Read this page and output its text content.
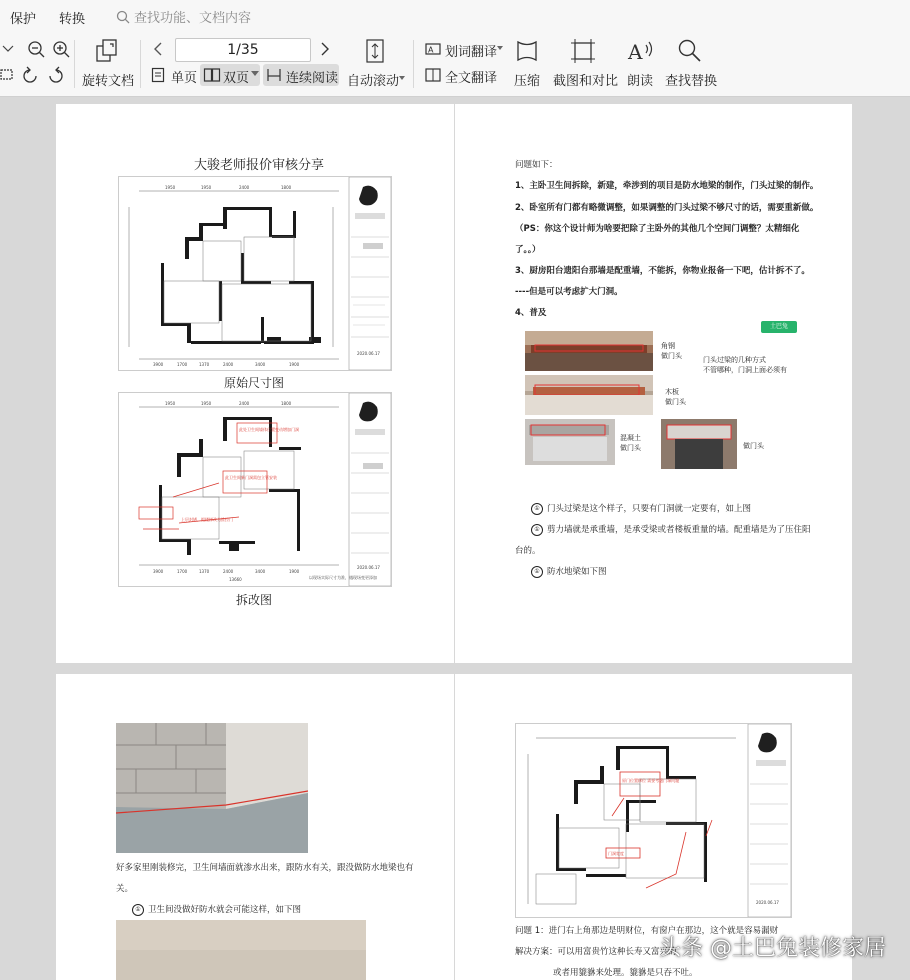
保护 转换	查找功能、文档内容
旋转文档
1/35
单页 双页	连续阅读 自动滚动
A 划词翻译
全文翻译 压缩 截图和对比
A
朗读 查找替换
大骏老师报价审核分享
1950	1950	2400	1800
3900	1700	1370	2400	3400	1900
2020.06.17
原始尺寸图
此处卫生间墙体位置变动增加门洞
此卫生间新门洞需包立管安装
上层封堵，把楼梯改为推拉门
1950	1950	2400	1800
3900	1700	1370	2400	3400	1900
13660	以现场实际尺寸为准，遇现场变更添加
2020.06.17
拆改图
问题如下：
1、主卧卫生间拆除，新建，牵涉到的项目是防水地梁的制作，门头过梁的制作。
2、卧室所有门都有略微调整，如果调整的门头过梁不够尺寸的话，需要重新做。
（PS：你这个设计师为啥要把除了主卧外的其他几个空间门调整？太精细化
了。。）
3、厨房阳台遗阳台那墙是配重墙，不能拆，你物业报备一下吧，估计拆不了。
----但是可以考虑扩大门洞。
4、普及
土巴兔
角钢
做门头	门头过梁的几种方式
不管哪种，门洞上面必须有
木板
做门头
混凝土
做门头	做门头
① 门头过梁是这个样子，只要有门洞就一定要有，如上图
① 剪力墙就是承重墙，是承受梁或者楼板重量的墙。配重墙是为了压住阳
台的。
① 防水地梁如下图
好多家里刚装修完，卫生间墙面就渗水出来，跟防水有关，跟没做防水地梁也有
关。
① 卫生间没做好防水就会可能这样，如下图
原门位置移位 需要考虑门垛问题
门洞宽度
2020.06.17
问题 1：进门右上角那边是明财位，有窗户在那边，这个就是容易漏财
解决方案：可以用富贵竹这种长寿又富兴的
或者用貔貅来处理。貔貅是只吞不吐。
头条 @土巴兔装修家居
